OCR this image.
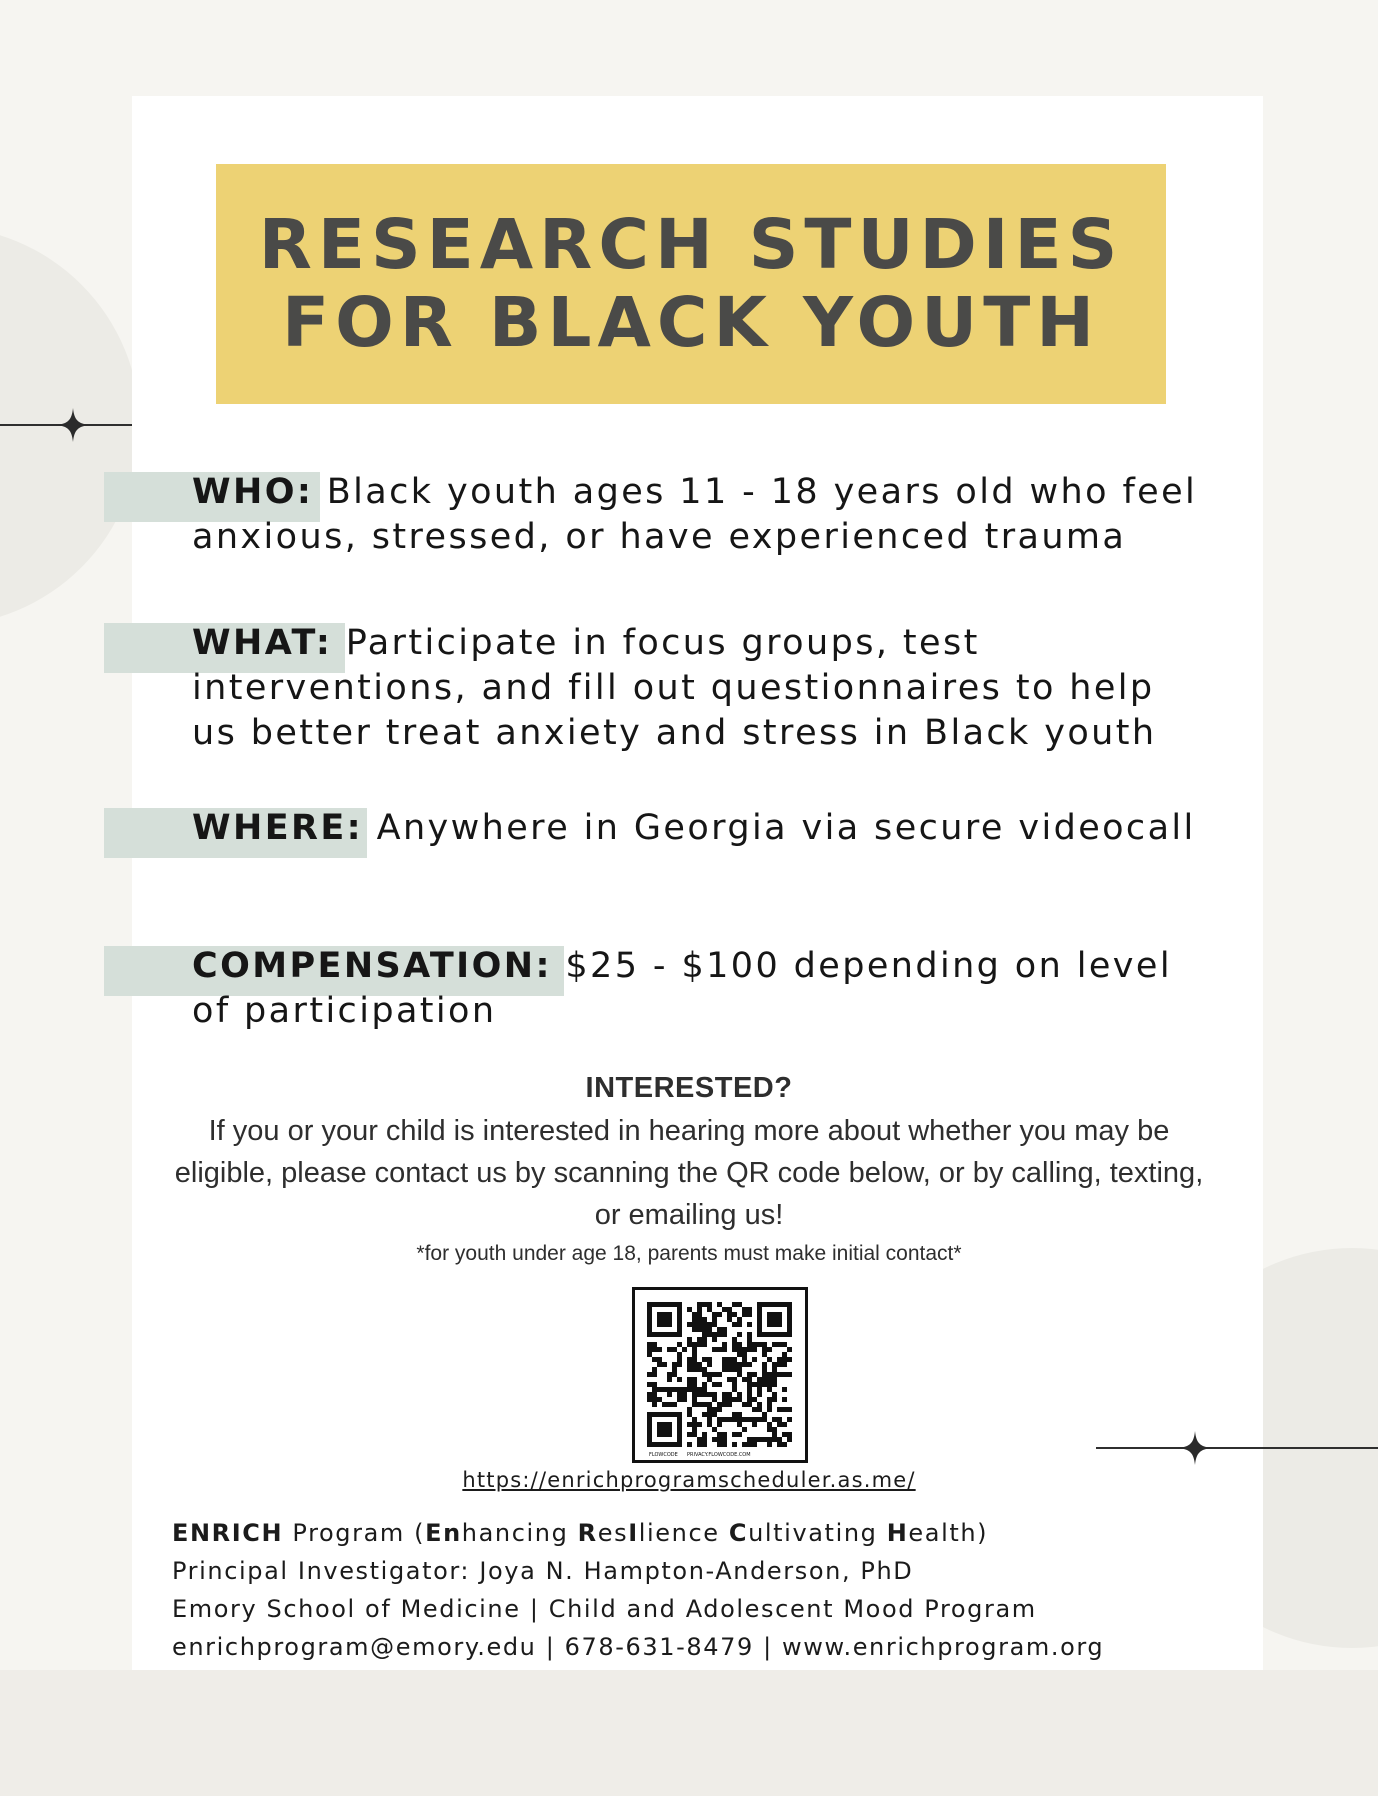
RESEARCH STUDIES
FOR BLACK YOUTH

WHO: Black youth ages 11 - 18 years old who feel anxious, stressed, or have experienced trauma

WHAT: Participate in focus groups, test interventions, and fill out questionnaires to help us better treat anxiety and stress in Black youth

WHERE: Anywhere in Georgia via secure videocall

COMPENSATION: $25 - $100 depending on level of participation

INTERESTED?
If you or your child is interested in hearing more about whether you may be eligible, please contact us by scanning the QR code below, or by calling, texting, or emailing us!
*for youth under age 18, parents must make initial contact*
FLOWCODE PRIVACY.FLOWCODE.COM
https://enrichprogramscheduler.as.me/
ENRICH Program (Enhancing ResIlience Cultivating Health)
Principal Investigator: Joya N. Hampton-Anderson, PhD
Emory School of Medicine | Child and Adolescent Mood Program
enrichprogram@emory.edu | 678-631-8479 | www.enrichprogram.org
